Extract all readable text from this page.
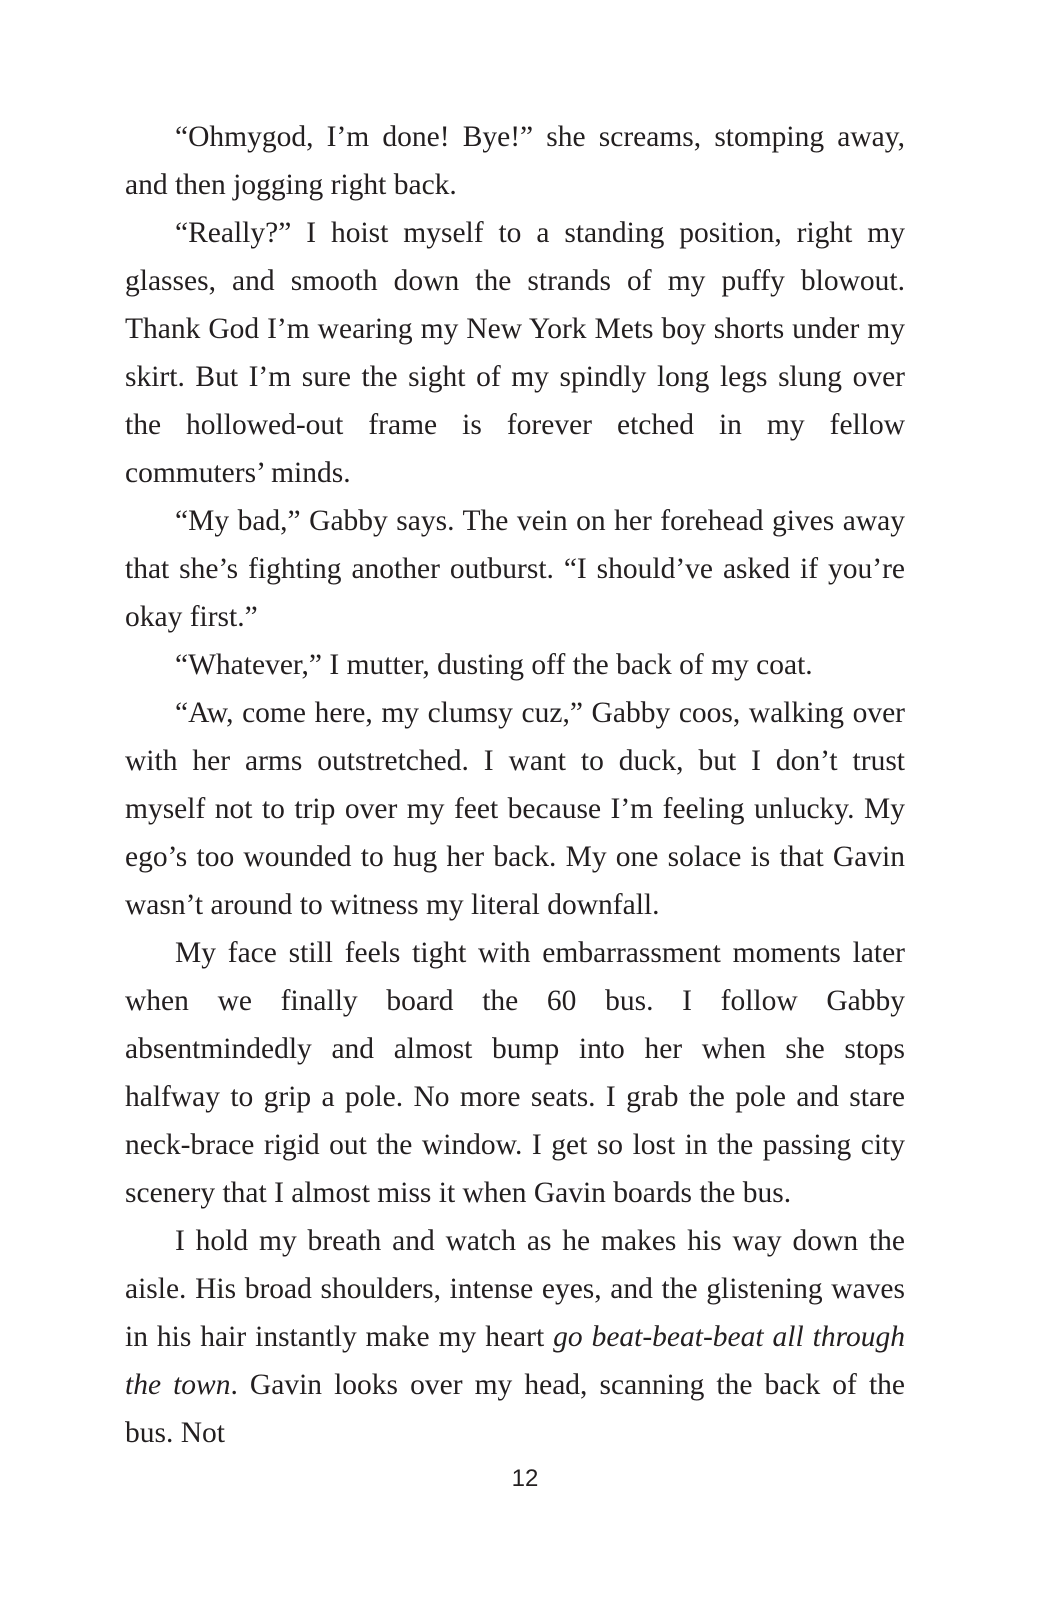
“Ohmygod, I’m done! Bye!” she screams, stomping away, and then jogging right back.

“Really?” I hoist myself to a standing position, right my glasses, and smooth down the strands of my puffy blowout. Thank God I’m wearing my New York Mets boy shorts under my skirt. But I’m sure the sight of my spindly long legs slung over the hollowed-out frame is forever etched in my fellow commuters’ minds.

“My bad,” Gabby says. The vein on her forehead gives away that she’s fighting another outburst. “I should’ve asked if you’re okay first.”

“Whatever,” I mutter, dusting off the back of my coat.

“Aw, come here, my clumsy cuz,” Gabby coos, walking over with her arms outstretched. I want to duck, but I don’t trust myself not to trip over my feet because I’m feeling unlucky. My ego’s too wounded to hug her back. My one solace is that Gavin wasn’t around to witness my literal downfall.

My face still feels tight with embarrassment moments later when we finally board the 60 bus. I follow Gabby absentmindedly and almost bump into her when she stops halfway to grip a pole. No more seats. I grab the pole and stare neck-brace rigid out the window. I get so lost in the passing city scenery that I almost miss it when Gavin boards the bus.

I hold my breath and watch as he makes his way down the aisle. His broad shoulders, intense eyes, and the glistening waves in his hair instantly make my heart go beat-beat-beat all through the town. Gavin looks over my head, scanning the back of the bus. Not

12
